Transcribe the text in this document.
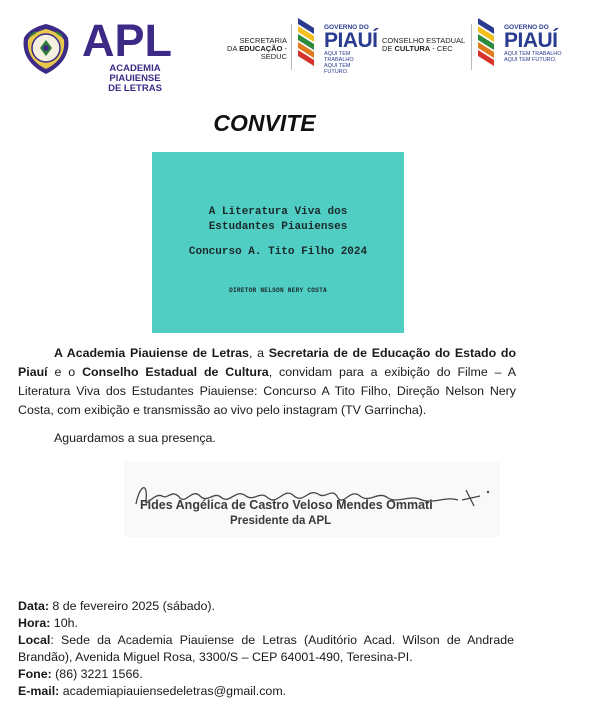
APL
ACADEMIA PIAUIENSE
DE LETRAS
SECRETARIA
DA EDUCAÇÃO - SEDUC
GOVERNO DO
PIAUÍ
AQUI TEM TRABALHO
AQUI TEM FUTURO.
CONSELHO ESTADUAL
DE CULTURA - CEC
GOVERNO DO
PIAUÍ
AQUI TEM TRABALHO
AQUI TEM FUTURO.
CONVITE
A Literatura Viva dos
Estudantes Piauienses
Concurso A. Tito Filho 2024
DIRETOR NELSON NERY COSTA
A Academia Piauiense de Letras, a Secretaria de de Educação do Estado do Piauí e o Conselho Estadual de Cultura, convidam para a exibição do Filme – A Literatura Viva dos Estudantes Piauiense: Concurso A Tito Filho, Direção Nelson Nery Costa, com exibição e transmissão ao vivo pelo instagram (TV Garrincha).
Aguardamos a sua presença.
Fides Angélica de Castro Veloso Mendes Ommati
Presidente da APL

Data: 8 de fevereiro 2025 (sábado).

Hora: 10h.

Local: Sede da Academia Piauiense de Letras (Auditório Acad. Wilson de Andrade Brandão), Avenida Miguel Rosa, 3300/S – CEP 64001-490, Teresina-PI.

Fone: (86) 3221 1566.

E-mail: academiapiauiensedeletras@gmail.com.
